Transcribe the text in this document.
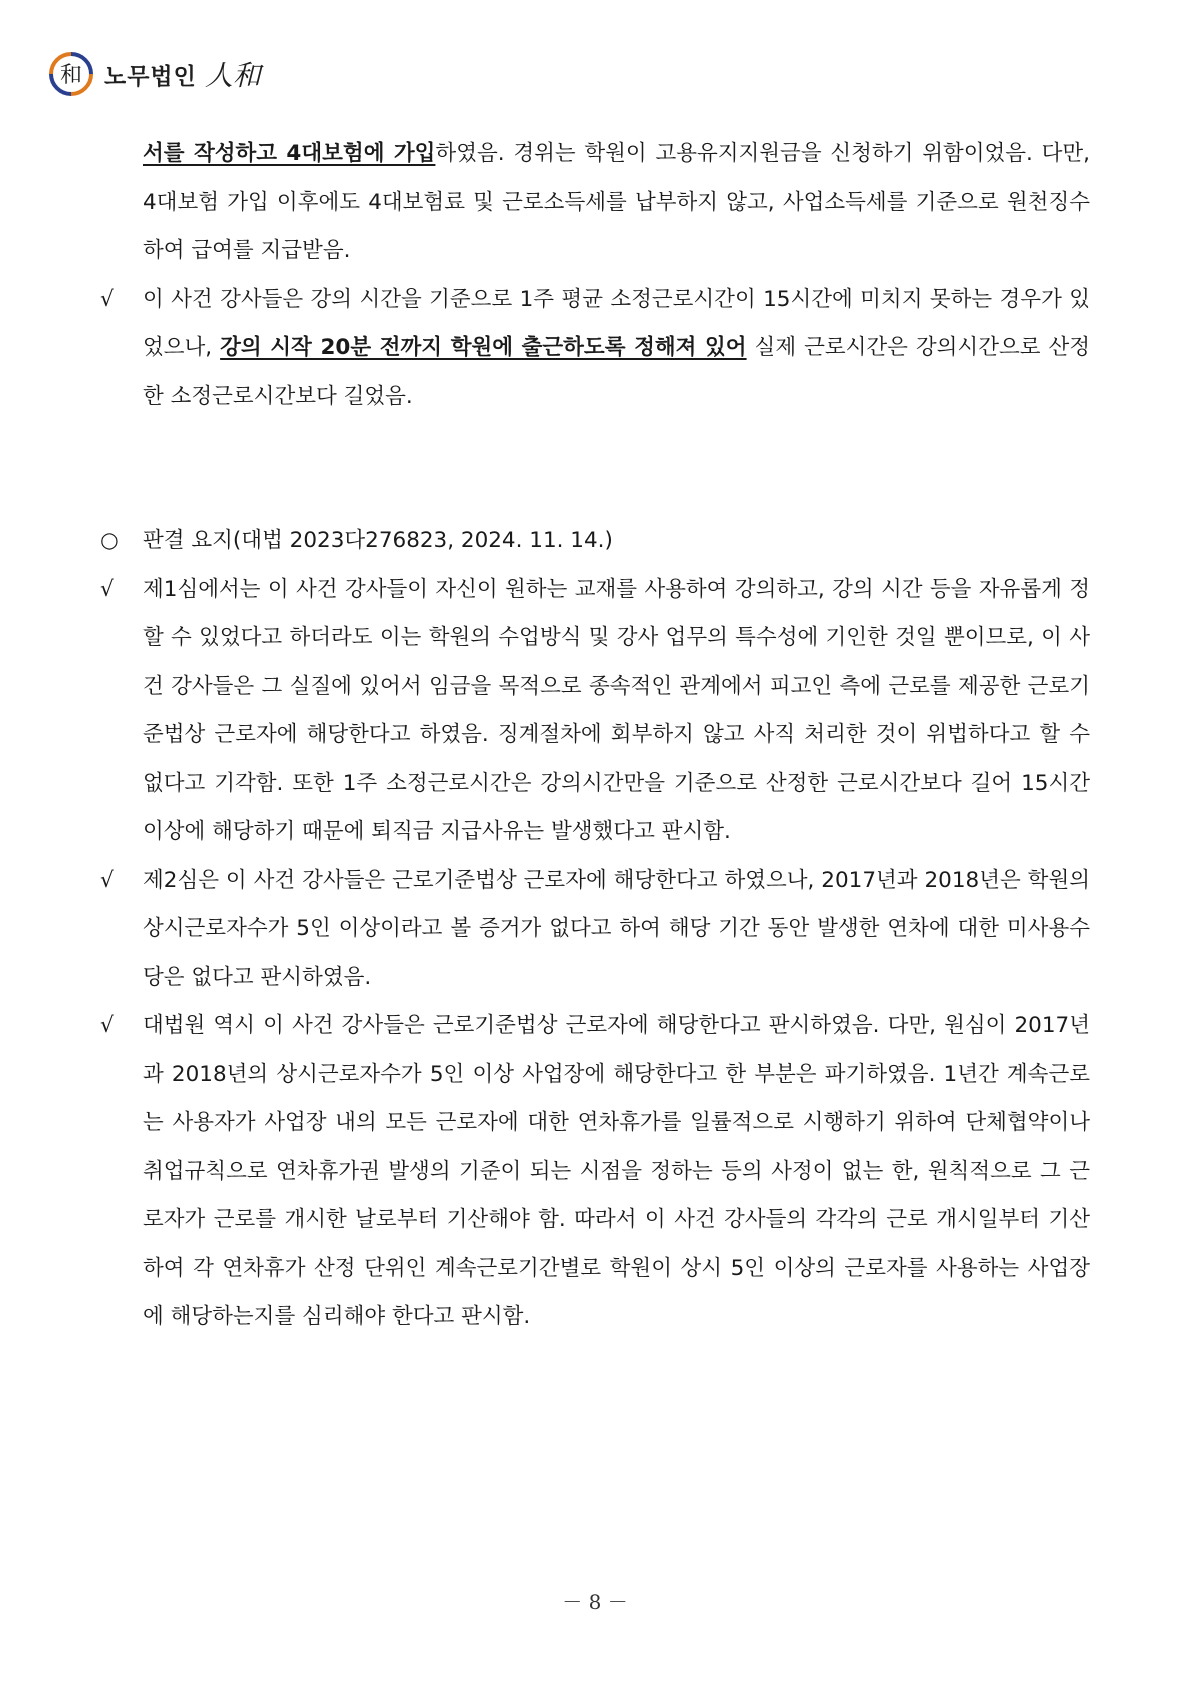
和 노무법인 人和

서를 작성하고 4대보험에 가입하였음. 경위는 학원이 고용유지지원금을 신청하기 위함이었음. 다만, 4대보험 가입 이후에도 4대보험료 및 근로소득세를 납부하지 않고, 사업소득세를 기준으로 원천징수하여 급여를 지급받음.

√	이 사건 강사들은 강의 시간을 기준으로 1주 평균 소정근로시간이 15시간에 미치지 못하는 경우가 있었으나, 강의 시작 20분 전까지 학원에 출근하도록 정해져 있어 실제 근로시간은 강의시간으로 산정한 소정근로시간보다 길었음.

○ 판결 요지(대법 2023다276823, 2024. 11. 14.)

√	제1심에서는 이 사건 강사들이 자신이 원하는 교재를 사용하여 강의하고, 강의 시간 등을 자유롭게 정할 수 있었다고 하더라도 이는 학원의 수업방식 및 강사 업무의 특수성에 기인한 것일 뿐이므로, 이 사건 강사들은 그 실질에 있어서 임금을 목적으로 종속적인 관계에서 피고인 측에 근로를 제공한 근로기준법상 근로자에 해당한다고 하였음. 징계절차에 회부하지 않고 사직 처리한 것이 위법하다고 할 수 없다고 기각함. 또한 1주 소정근로시간은 강의시간만을 기준으로 산정한 근로시간보다 길어 15시간 이상에 해당하기 때문에 퇴직금 지급사유는 발생했다고 판시함.

√	제2심은 이 사건 강사들은 근로기준법상 근로자에 해당한다고 하였으나, 2017년과 2018년은 학원의 상시근로자수가 5인 이상이라고 볼 증거가 없다고 하여 해당 기간 동안 발생한 연차에 대한 미사용수당은 없다고 판시하였음.

√	대법원 역시 이 사건 강사들은 근로기준법상 근로자에 해당한다고 판시하였음. 다만, 원심이 2017년과 2018년의 상시근로자수가 5인 이상 사업장에 해당한다고 한 부분은 파기하였음. 1년간 계속근로는 사용자가 사업장 내의 모든 근로자에 대한 연차휴가를 일률적으로 시행하기 위하여 단체협약이나 취업규칙으로 연차휴가권 발생의 기준이 되는 시점을 정하는 등의 사정이 없는 한, 원칙적으로 그 근로자가 근로를 개시한 날로부터 기산해야 함. 따라서 이 사건 강사들의 각각의 근로 개시일부터 기산하여 각 연차휴가 산정 단위인 계속근로기간별로 학원이 상시 5인 이상의 근로자를 사용하는 사업장에 해당하는지를 심리해야 한다고 판시함.

－ 8 －
